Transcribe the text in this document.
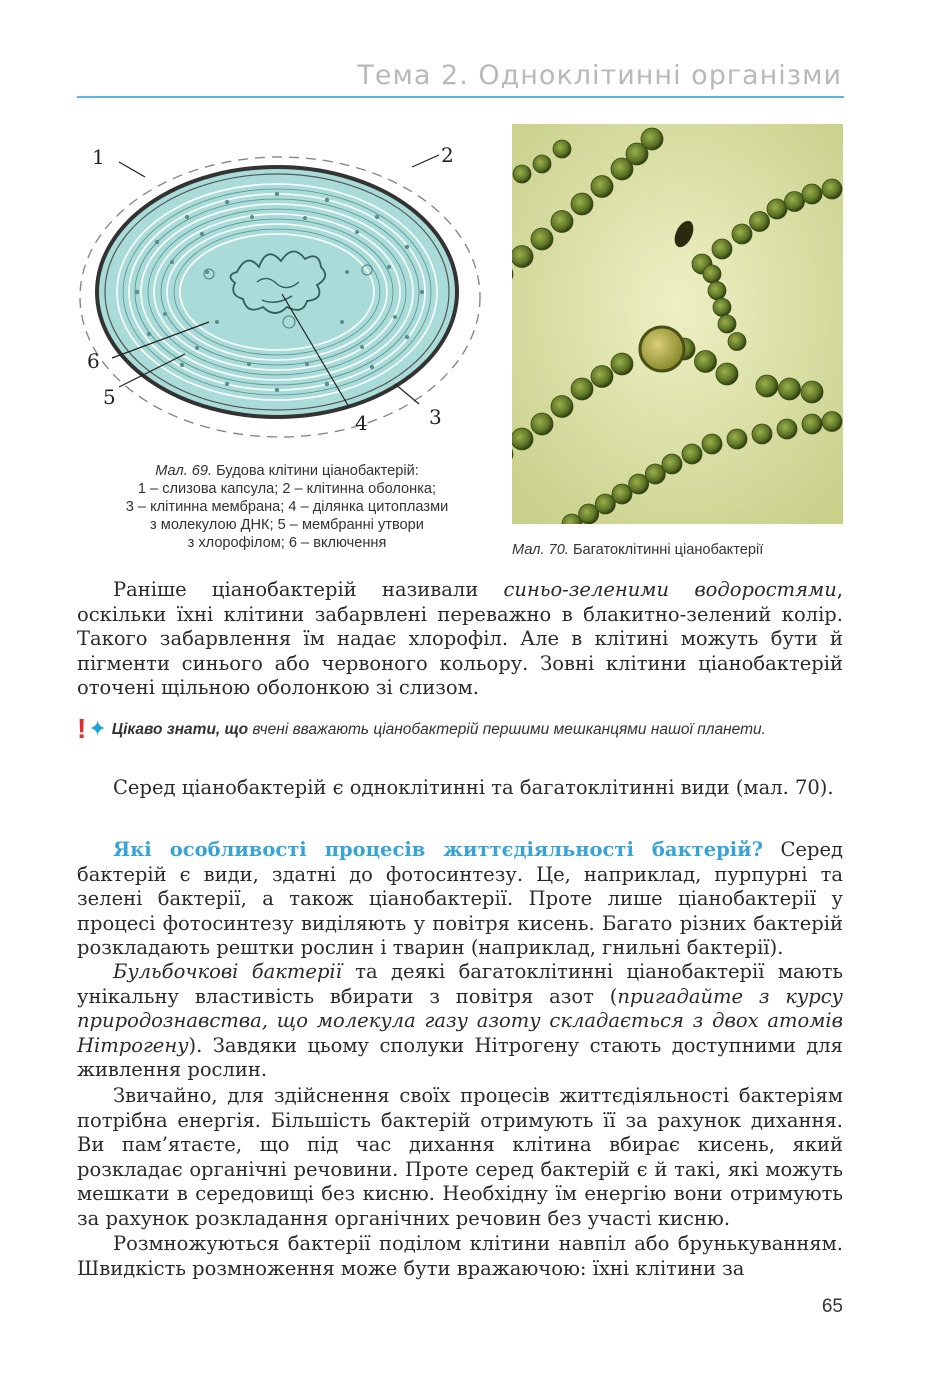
Тема 2. Одноклітинні організми
1	2
3
4
5
6
Мал. 69. Будова клітини ціанобактерій:
1 – слизова капсула; 2 – клітинна оболонка;
3 – клітинна мембрана; 4 – ділянка цитоплазми
з молекулою ДНК; 5 – мембранні утвори
з хлорофілом; 6 – включення	Мал. 70. Багатоклітинні ціанобактерії
Раніше ціанобактерій називали синьо-зеленими водоростями, оскільки їхні клітини забарвлені переважно в блакитно-зелений колір. Такого забарвлення їм надає хлорофіл. Але в клітині можуть бути й пігменти синього або червоного кольору. Зовні клітини ціанобактерій оточені щільною оболонкою зі слизом.
!✦ Цікаво знати, що вчені вважають ціанобактерій першими мешканцями нашої планети.
Серед ціанобактерій є одноклітинні та багатоклітинні види (мал. 70).
Які особливості процесів життєдіяльності бактерій? Серед бактерій є види, здатні до фотосинтезу. Це, наприклад, пурпурні та зелені бактерії, а також ціанобактерії. Проте лише ціанобактерії у процесі фотосинтезу виділяють у повітря кисень. Багато різних бактерій розкладають рештки рослин і тварин (наприклад, гнильні бактерії).
Бульбочкові бактерії та деякі багатоклітинні ціанобактерії мають унікальну властивість вбирати з повітря азот (пригадайте з курсу природознавства, що молекула газу азоту складається з двох атомів Нітрогену). Завдяки цьому сполуки Нітрогену стають доступними для живлення рослин.
Звичайно, для здійснення своїх процесів життєдіяльності бактеріям потрібна енергія. Більшість бактерій отримують її за рахунок дихання. Ви пам’ятаєте, що під час дихання клітина вбирає кисень, який розкладає органічні речовини. Проте серед бактерій є й такі, які можуть мешкати в середовищі без кисню. Необхідну їм енергію вони отримують за рахунок розкладання органічних речовин без участі кисню.
Розмножуються бактерії поділом клітини навпіл або брунькуванням. Швидкість розмноження може бути вражаючою: їхні клітини за
65
